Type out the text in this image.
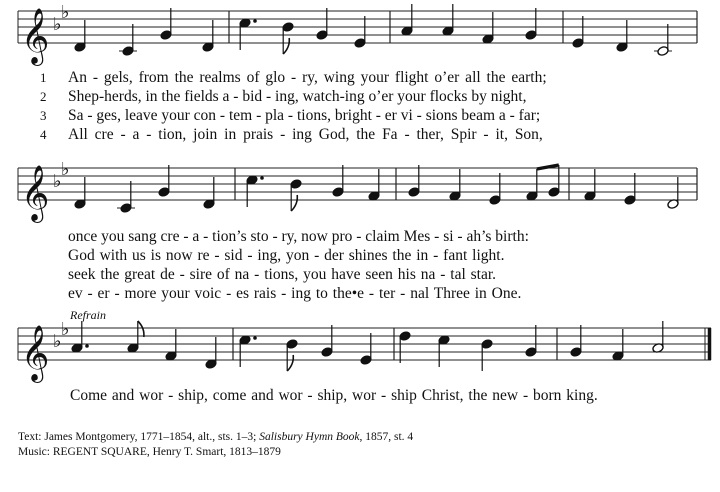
𝄞 ♭
♭
𝄞 ♭
♭
𝄞 ♭
♭
1
2
3
4
An - gels, from the realms of glo - ry, wing your flight o’er all the earth;
Shep-herds, in the fields a - bid - ing, watch-ing o’er your flocks by night,
Sa - ges, leave your con - tem - pla - tions, bright - er vi - sions beam a - far;
All cre - a - tion, join in prais - ing God, the Fa - ther, Spir - it, Son,
once you sang cre - a - tion’s sto - ry, now pro - claim Mes - si - ah’s birth:
God with us is now re - sid - ing, yon - der shines the in - fant light.
seek the great de - sire of na - tions, you have seen his na - tal star.
ev - er - more your voic - es rais - ing to the•e - ter - nal Three in One.
Refrain
Come and wor - ship, come and wor - ship, wor - ship Christ, the new - born king.
Text: James Montgomery, 1771–1854, alt., sts. 1–3; Salisbury Hymn Book, 1857, st. 4
Music: REGENT SQUARE, Henry T. Smart, 1813–1879
